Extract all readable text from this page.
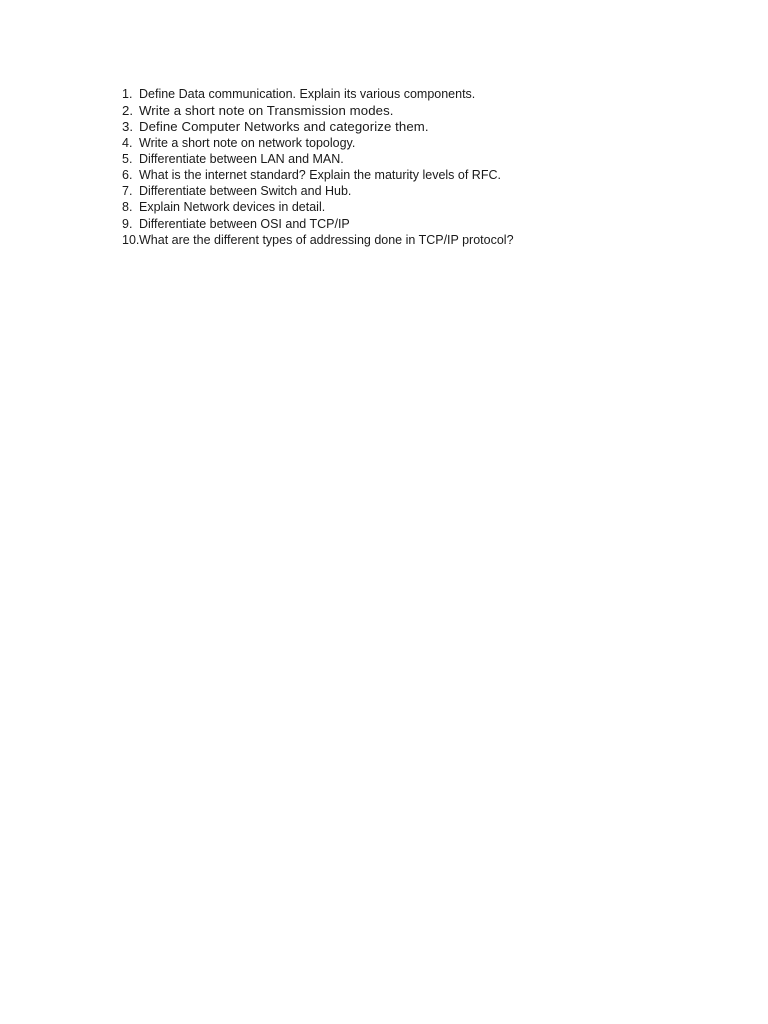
1. Define Data communication. Explain its various components.
2. Write a short note on Transmission modes.
3. Define Computer Networks and categorize them.
4. Write a short note on network topology.
5. Differentiate between LAN and MAN.
6. What is the internet standard? Explain the maturity levels of RFC.
7. Differentiate between Switch and Hub.
8. Explain Network devices in detail.
9. Differentiate between OSI and TCP/IP
10. What are the different types of addressing done in TCP/IP protocol?
